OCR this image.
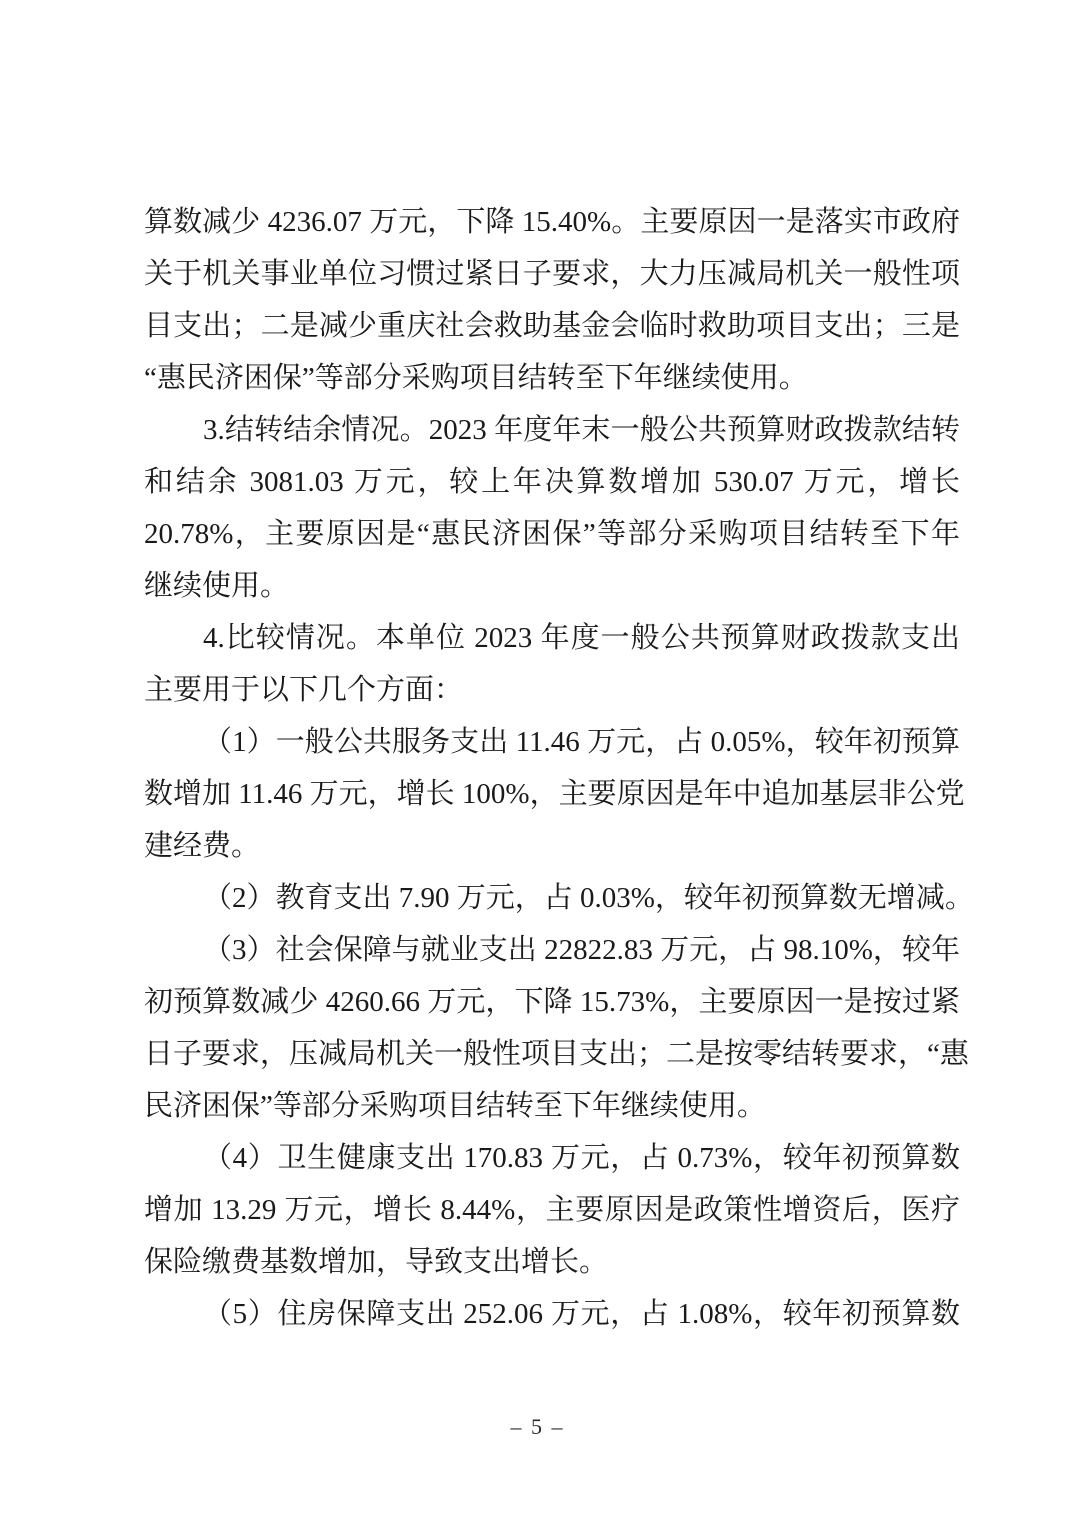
算数减少 4236.07 万元，下降 15.40%。主要原因一是落实市政府
关于机关事业单位习惯过紧日子要求，大力压减局机关一般性项
目支出；二是减少重庆社会救助基金会临时救助项目支出；三是
“惠民济困保”等部分采购项目结转至下年继续使用。
3.结转结余情况。2023 年度年末一般公共预算财政拨款结转
和结余 3081.03 万元，较上年决算数增加 530.07 万元，增长
20.78%，主要原因是“惠民济困保”等部分采购项目结转至下年
继续使用。
4.比较情况。本单位 2023 年度一般公共预算财政拨款支出
主要用于以下几个方面：
（1）一般公共服务支出 11.46 万元，占 0.05%，较年初预算
数增加 11.46 万元，增长 100%，主要原因是年中追加基层非公党
建经费。
（2）教育支出 7.90 万元，占 0.03%，较年初预算数无增减。
（3）社会保障与就业支出 22822.83 万元，占 98.10%，较年
初预算数减少 4260.66 万元，下降 15.73%，主要原因一是按过紧
日子要求，压减局机关一般性项目支出；二是按零结转要求，“惠
民济困保”等部分采购项目结转至下年继续使用。
（4）卫生健康支出 170.83 万元，占 0.73%，较年初预算数
增加 13.29 万元，增长 8.44%，主要原因是政策性增资后，医疗
保险缴费基数增加，导致支出增长。
（5）住房保障支出 252.06 万元，占 1.08%，较年初预算数
– 5 –
